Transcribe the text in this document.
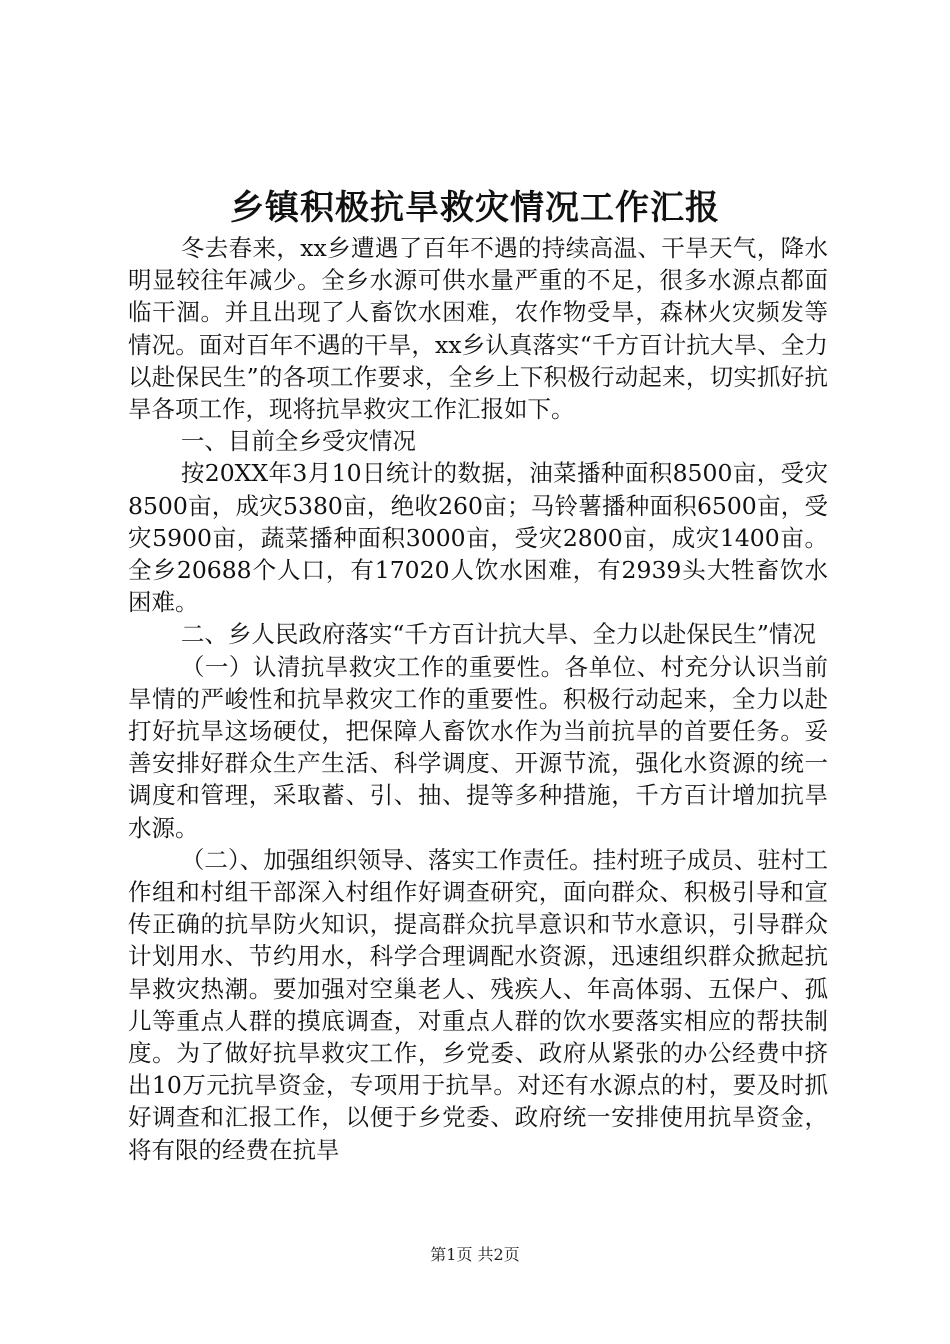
乡镇积极抗旱救灾情况工作汇报

冬去春来，xx乡遭遇了百年不遇的持续高温、干旱天气，降水明显较往年减少。全乡水源可供水量严重的不足，很多水源点都面临干涸。并且出现了人畜饮水困难，农作物受旱，森林火灾频发等情况。面对百年不遇的干旱，xx乡认真落实“千方百计抗大旱、全力以赴保民生”的各项工作要求，全乡上下积极行动起来，切实抓好抗旱各项工作，现将抗旱救灾工作汇报如下。

一、目前全乡受灾情况

按20XX年3月10日统计的数据，油菜播种面积8500亩，受灾8500亩，成灾5380亩，绝收260亩；马铃薯播种面积6500亩，受灾5900亩，蔬菜播种面积3000亩，受灾2800亩，成灾1400亩。全乡20688个人口，有17020人饮水困难，有2939头大牲畜饮水困难。

二、乡人民政府落实“千方百计抗大旱、全力以赴保民生”情况

（一）认清抗旱救灾工作的重要性。各单位、村充分认识当前旱情的严峻性和抗旱救灾工作的重要性。积极行动起来，全力以赴打好抗旱这场硬仗，把保障人畜饮水作为当前抗旱的首要任务。妥善安排好群众生产生活、科学调度、开源节流，强化水资源的统一调度和管理，采取蓄、引、抽、提等多种措施，千方百计增加抗旱水源。

（二）、加强组织领导、落实工作责任。挂村班子成员、驻村工作组和村组干部深入村组作好调查研究，面向群众、积极引导和宣传正确的抗旱防火知识，提高群众抗旱意识和节水意识，引导群众计划用水、节约用水，科学合理调配水资源，迅速组织群众掀起抗旱救灾热潮。要加强对空巢老人、残疾人、年高体弱、五保户、孤儿等重点人群的摸底调查，对重点人群的饮水要落实相应的帮扶制度。为了做好抗旱救灾工作，乡党委、政府从紧张的办公经费中挤出10万元抗旱资金，专项用于抗旱。对还有水源点的村，要及时抓好调查和汇报工作，以便于乡党委、政府统一安排使用抗旱资金，将有限的经费在抗旱

第1页 共2页
